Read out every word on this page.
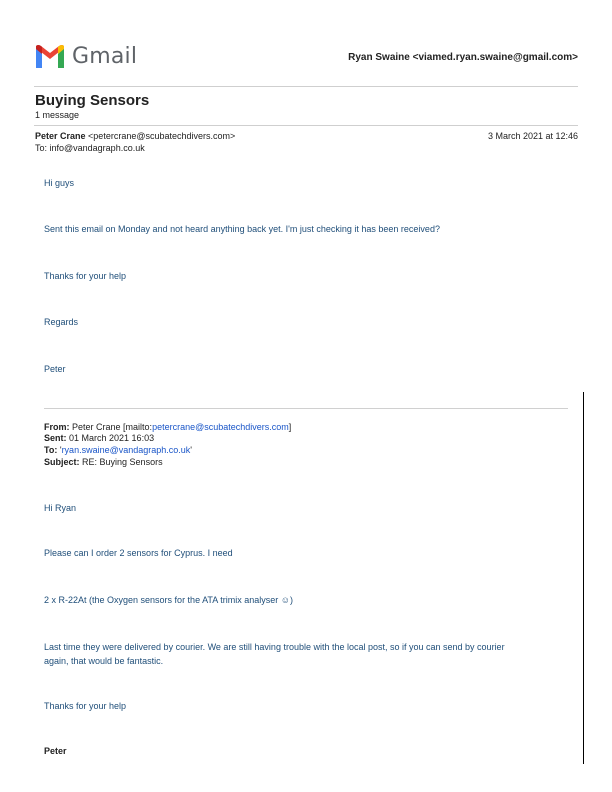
Gmail	Ryan Swaine <viamed.ryan.swaine@gmail.com>
Buying Sensors
1 message
Peter Crane <petercrane@scubatechdivers.com>	3 March 2021 at 12:46
To: info@vandagraph.co.uk
Hi guys
Sent this email on Monday and not heard anything back yet. I'm just checking it has been received?
Thanks for your help
Regards
Peter
From: Peter Crane [mailto:petercrane@scubatechdivers.com]
Sent: 01 March 2021 16:03
To: 'ryan.swaine@vandagraph.co.uk'
Subject: RE: Buying Sensors
Hi Ryan
Please can I order 2 sensors for Cyprus. I need
2 x R-22At (the Oxygen sensors for the ATA trimix analyser ☺)
Last time they were delivered by courier. We are still having trouble with the local post, so if you can send by courier
again, that would be fantastic.
Thanks for your help
Peter
